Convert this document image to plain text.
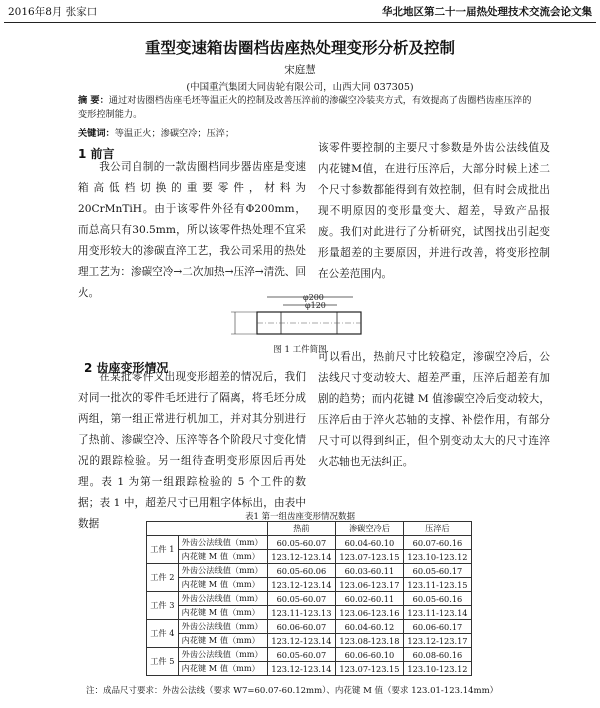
2016年8月 张家口	华北地区第二十一届热处理技术交流会论文集
重型变速箱齿圈档齿座热处理变形分析及控制
宋庭慧
(中国重汽集团大同齿轮有限公司，山西大同 037305)
摘 要：通过对齿圈档齿座毛坯等温正火的控制及改善压淬前的渗碳空冷装夹方式，有效提高了齿圈档齿座压淬的变形控制能力。
关键词：等温正火；渗碳空冷；压淬；
1 前言

我公司自制的一款齿圈档同步器齿座是变速箱高低档切换的重要零件，材料为20CrMnTiH。由于该零件外径有Φ200mm，而总高只有30.5mm，所以该零件热处理不宜采用变形较大的渗碳直淬工艺，我公司采用的热处理工艺为：渗碳空冷→二次加热→压淬→清洗、回火。

该零件要控制的主要尺寸参数是外齿公法线值及内花键M值，在进行压淬后，大部分时候上述二个尺寸参数都能得到有效控制，但有时会成批出现不明原因的变形量变大、超差，导致产品报废。我们对此进行了分析研究，试图找出引起变形量超差的主要原因，并进行改善，将变形控制在公差范围内。

φ200
φ120
图 1 工件简图
2 齿座变形情况

在某批零件又出现变形超差的情况后，我们对同一批次的零件毛坯进行了隔离，将毛坯分成两组，第一组正常进行机加工，并对其分别进行了热前、渗碳空冷、压淬等各个阶段尺寸变化情况的跟踪检验。另一组待查明变形原因后再处理。表 1 为第一组跟踪检验的 5 个工件的数据；表 1 中，超差尺寸已用粗字体标出，由表中数据

可以看出，热前尺寸比较稳定，渗碳空冷后，公法线尺寸变动较大、超差严重，压淬后超差有加剧的趋势；而内花键 M 值渗碳空冷后变动较大，压淬后由于淬火芯轴的支撑、补偿作用，有部分尺寸可以得到纠正，但个别变动太大的尺寸连淬火芯轴也无法纠正。

表1 第一组齿座变形情况数据
		热前	渗碳空冷后	压淬后
工件 1	外齿公法线值（mm）	60.05-60.07	60.04-60.10	60.07-60.16
	内花键 M 值（mm）	123.12-123.14	123.07-123.15	123.10-123.12
工件 2	外齿公法线值（mm）	60.05-60.06	60.03-60.11	60.05-60.17
	内花键 M 值（mm）	123.12-123.14	123.06-123.17	123.11-123.15
工件 3	外齿公法线值（mm）	60.05-60.07	60.02-60.11	60.05-60.16
	内花键 M 值（mm）	123.11-123.13	123.06-123.16	123.11-123.14
工件 4	外齿公法线值（mm）	60.06-60.07	60.04-60.12	60.06-60.17
	内花键 M 值（mm）	123.12-123.14	123.08-123.18	123.12-123.17
工件 5	外齿公法线值（mm）	60.05-60.07	60.06-60.10	60.08-60.16
	内花键 M 值（mm）	123.12-123.14	123.07-123.15	123.10-123.12
注：成品尺寸要求：外齿公法线（要求 W7=60.07-60.12mm）、内花键 M 值（要求 123.01-123.14mm）
